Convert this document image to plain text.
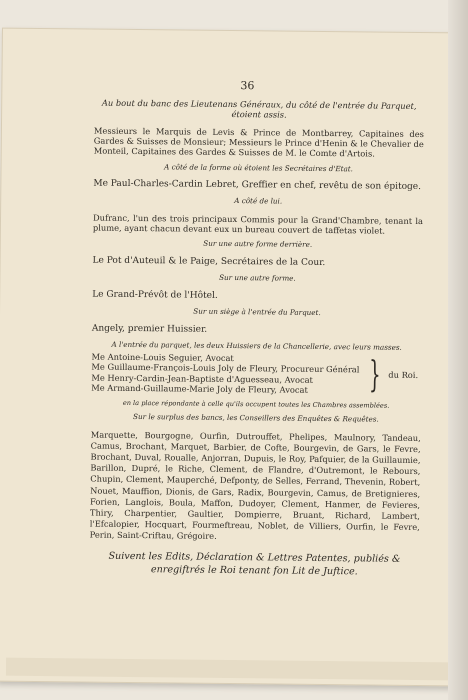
36

Au bout du banc des Lieutenans Généraux, du côté de l'entrée du Parquet, étoient assis.

Messieurs le Marquis de Levis & Prince de Montbarrey, Capitaines des Gardes & Suisses de Monsieur; Messieurs le Prince d'Henin & le Chevalier de Monteil, Capitaines des Gardes & Suisses de M. le Comte d'Artois.

A côté de la forme où étoient les Secrétaires d'Etat.

Me Paul-Charles-Cardin Lebret, Greffier en chef, revêtu de son épitoge.

A côté de lui.

Dufranc, l'un des trois principaux Commis pour la Grand'Chambre, tenant la plume, ayant chacun devant eux un bureau couvert de taffetas violet.

Sur une autre forme derrière.

Le Pot d'Auteuil & le Paige, Secrétaires de la Cour.

Sur une autre forme.

Le Grand-Prévôt de l'Hôtel.

Sur un siège à l'entrée du Parquet.

Angely, premier Huissier.

A l'entrée du parquet, les deux Huissiers de la Chancellerie, avec leurs masses.

Me Antoine-Louis Seguier, Avocat

Me Guillaume-François-Louis Joly de Fleury, Procureur Général

Me Henry-Cardin-Jean-Baptiste d'Aguesseau, Avocat

Me Armand-Guillaume-Marie Joly de Fleury, Avocat	} du Roi.

en la place répondante à celle qu'ils occupent toutes les Chambres assemblées.

Sur le surplus des bancs, les Conseillers des Enquêtes & Requêtes.

Marquette, Bourgogne, Ourfin, Dutrouffet, Phelipes, Maulnory, Tandeau, Camus, Brochant, Marquet, Barbier, de Cofte, Bourgevin, de Gars, le Fevre, Brochant, Duval, Roualle, Anjorran, Dupuis, le Roy, Pafquier, de la Guillaumie, Barillon, Dupré, le Riche, Clement, de Flandre, d'Outremont, le Rebours, Chupin, Clement, Mauperché, Defponty, de Selles, Ferrand, Thevenin, Robert, Nouet, Mauffion, Dionis, de Gars, Radix, Bourgevin, Camus, de Bretignieres, Forien, Langlois, Boula, Maffon, Dudoyer, Clement, Hanmer, de Fevieres, Thiry, Charpentier, Gaultier, Dompierre, Bruant, Richard, Lambert, l'Efcalopier, Hocquart, Fourmeftreau, Noblet, de Villiers, Ourfin, le Fevre, Perin, Saint-Criftau, Grégoire.

Suivent les Edits, Déclaration & Lettres Patentes, publiés & enregiftrés le Roi tenant fon Lit de Juftice.
